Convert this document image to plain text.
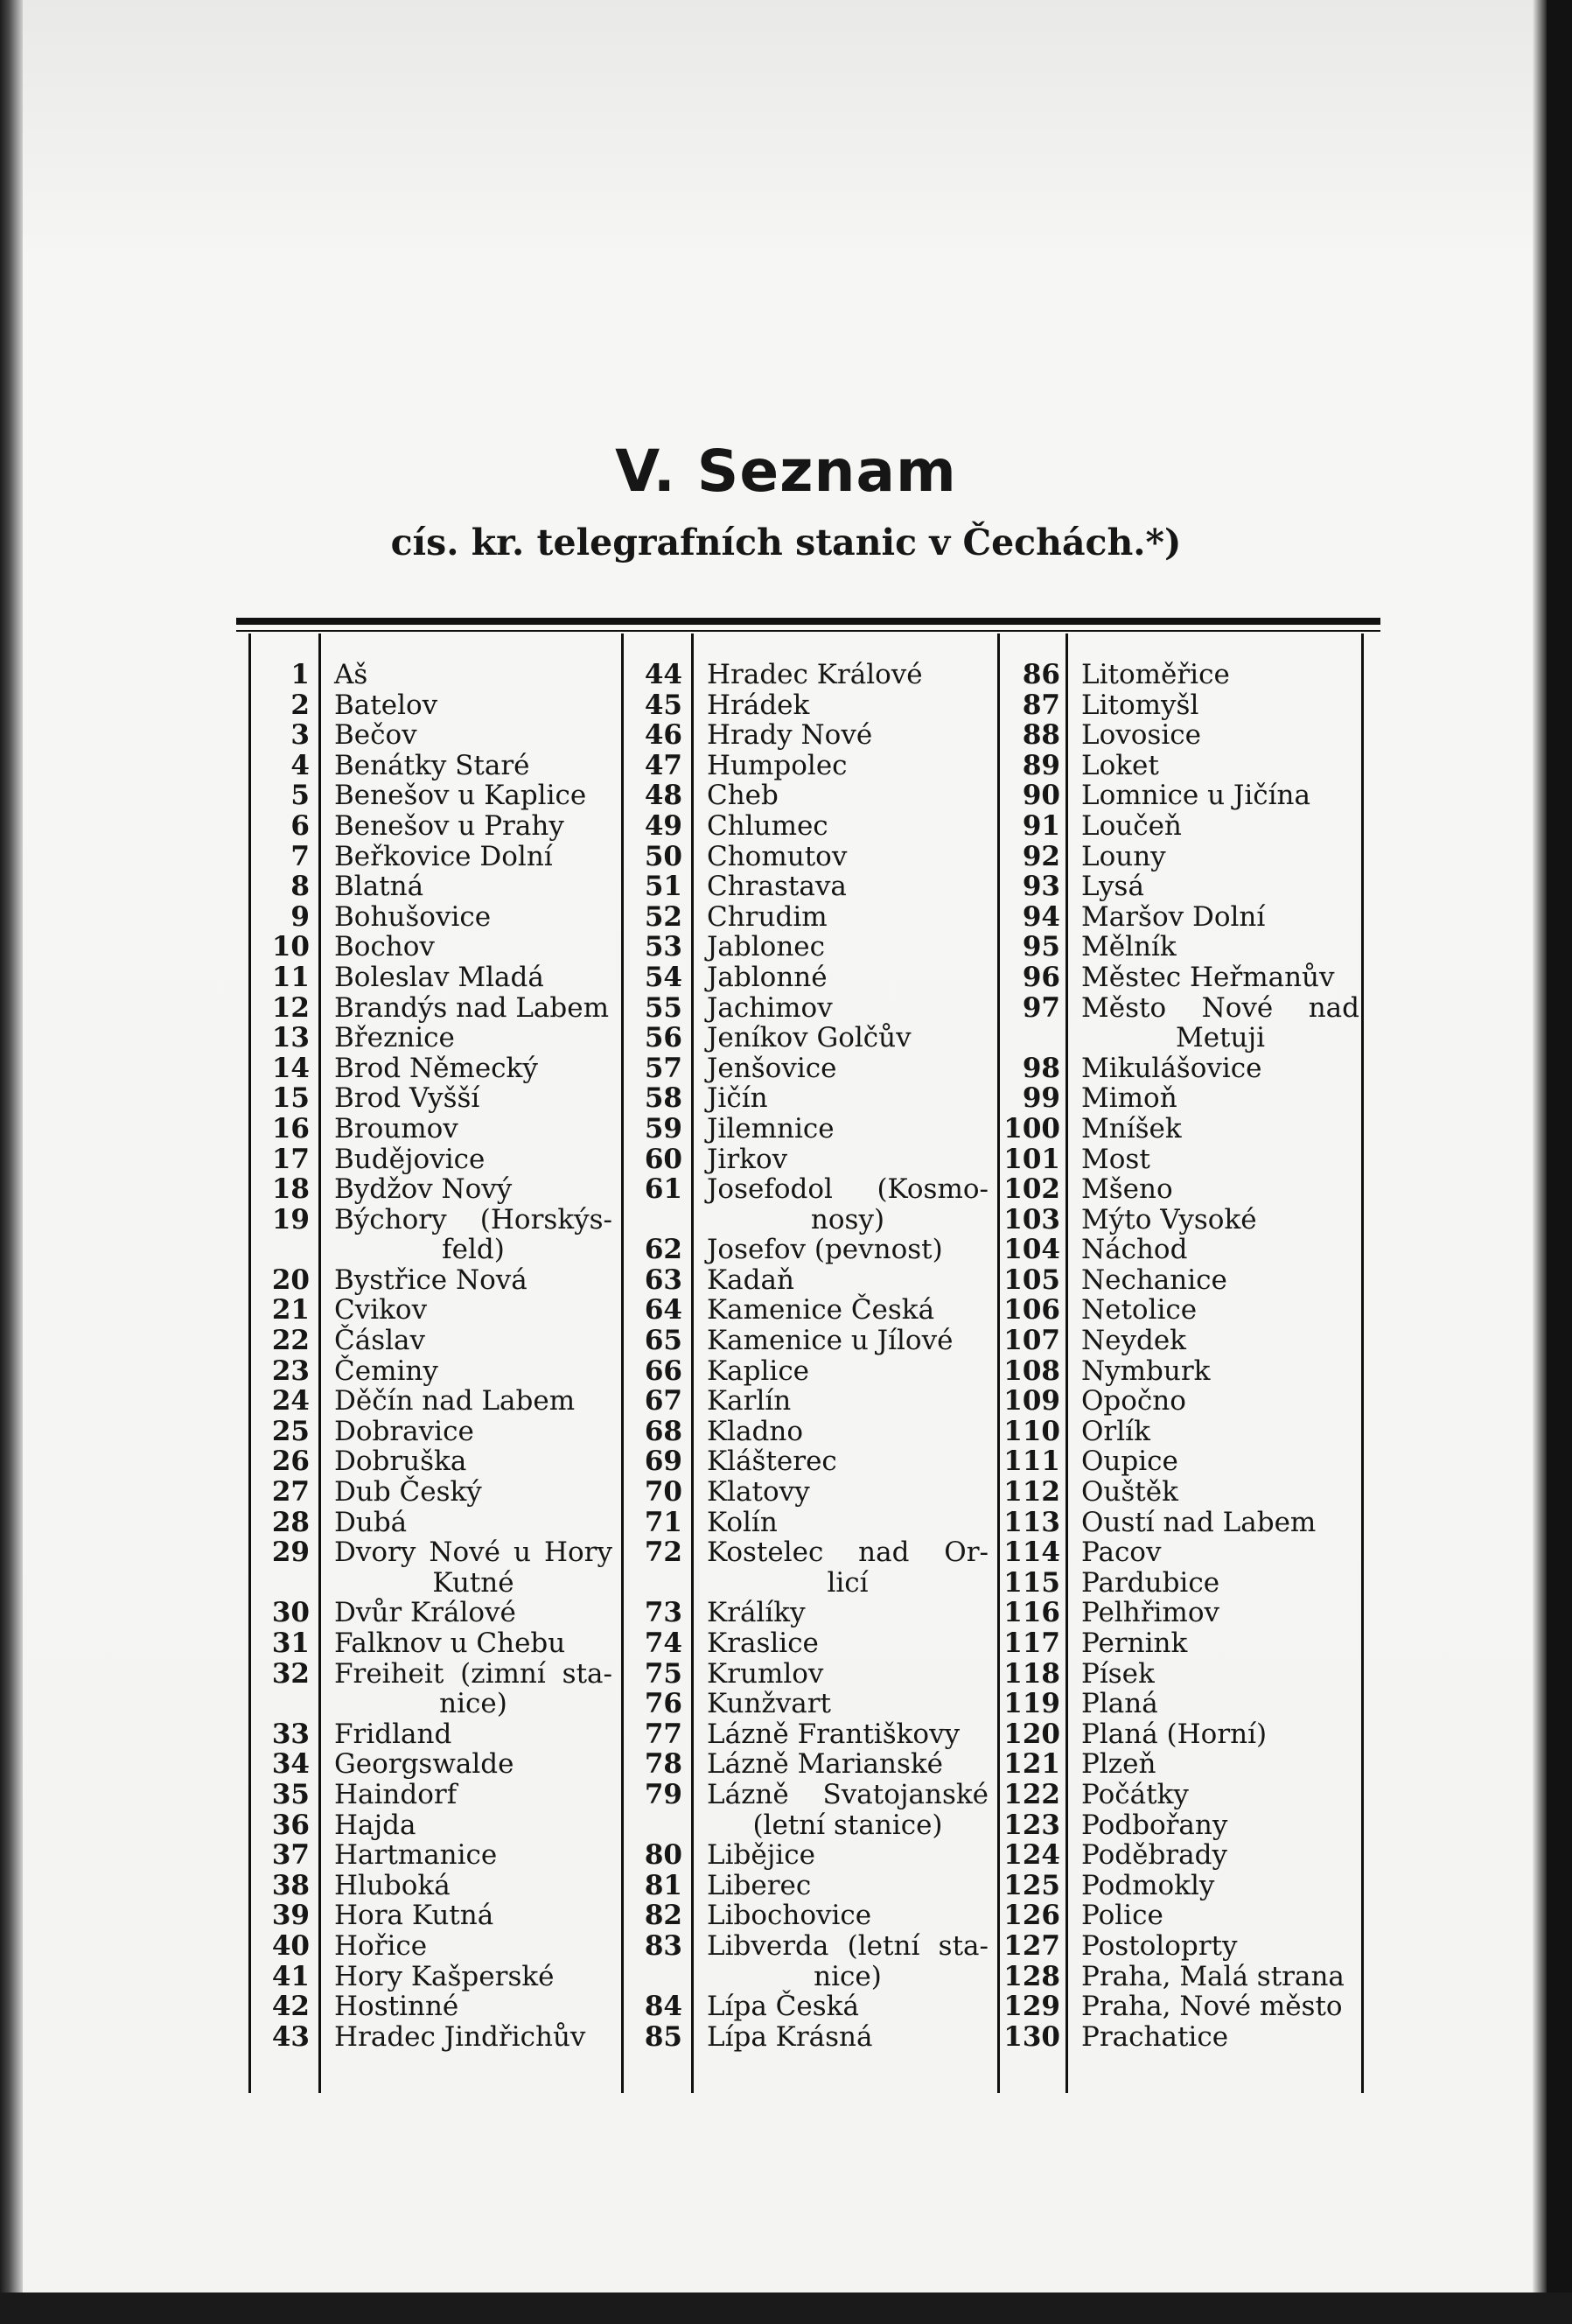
V. Seznam
cís. kr. telegrafních stanic v Čechách.*)
1 Aš
2 Batelov
3 Bečov
4 Benátky Staré
5 Benešov u Kaplice
6 Benešov u Prahy
7 Beřkovice Dolní
8 Blatná
9 Bohušovice
10 Bochov
11 Boleslav Mladá
12 Brandýs nad Labem
13 Březnice
14 Brod Německý
15 Brod Vyšší
16 Broumov
17 Budějovice
18 Bydžov Nový
19 Býchory (Horskýs-
feld)
20 Bystřice Nová
21 Cvikov
22 Čáslav
23 Čeminy
24 Děčín nad Labem
25 Dobravice
26 Dobruška
27 Dub Český
28 Dubá
29 Dvory Nové u Hory
Kutné
30 Dvůr Králové
31 Falknov u Chebu
32 Freiheit (zimní sta-
nice)
33 Fridland
34 Georgswalde
35 Haindorf
36 Hajda
37 Hartmanice
38 Hluboká
39 Hora Kutná
40 Hořice
41 Hory Kašperské
42 Hostinné
43 Hradec Jindřichův
44 Hradec Králové
45 Hrádek
46 Hrady Nové
47 Humpolec
48 Cheb
49 Chlumec
50 Chomutov
51 Chrastava
52 Chrudim
53 Jablonec
54 Jablonné
55 Jachimov
56 Jeníkov Golčův
57 Jenšovice
58 Jičín
59 Jilemnice
60 Jirkov
61 Josefodol (Kosmo-
nosy)
62 Josefov (pevnost)
63 Kadaň
64 Kamenice Česká
65 Kamenice u Jílové
66 Kaplice
67 Karlín
68 Kladno
69 Klášterec
70 Klatovy
71 Kolín
72 Kostelec nad Or-
licí
73 Králíky
74 Kraslice
75 Krumlov
76 Kunžvart
77 Lázně Františkovy
78 Lázně Marianské
79 Lázně Svatojanské
(letní stanice)
80 Libějice
81 Liberec
82 Libochovice
83 Libverda (letní sta-
nice)
84 Lípa Česká
85 Lípa Krásná
86 Litoměřice
87 Litomyšl
88 Lovosice
89 Loket
90 Lomnice u Jičína
91 Loučeň
92 Louny
93 Lysá
94 Maršov Dolní
95 Mělník
96 Městec Heřmanův
97 Město Nové nad
Metuji
98 Mikulášovice
99 Mimoň
100 Mníšek
101 Most
102 Mšeno
103 Mýto Vysoké
104 Náchod
105 Nechanice
106 Netolice
107 Neydek
108 Nymburk
109 Opočno
110 Orlík
111 Oupice
112 Ouštěk
113 Oustí nad Labem
114 Pacov
115 Pardubice
116 Pelhřimov
117 Pernink
118 Písek
119 Planá
120 Planá (Horní)
121 Plzeň
122 Počátky
123 Podbořany
124 Poděbrady
125 Podmokly
126 Police
127 Postoloprty
128 Praha, Malá strana
129 Praha, Nové město
130 Prachatice
